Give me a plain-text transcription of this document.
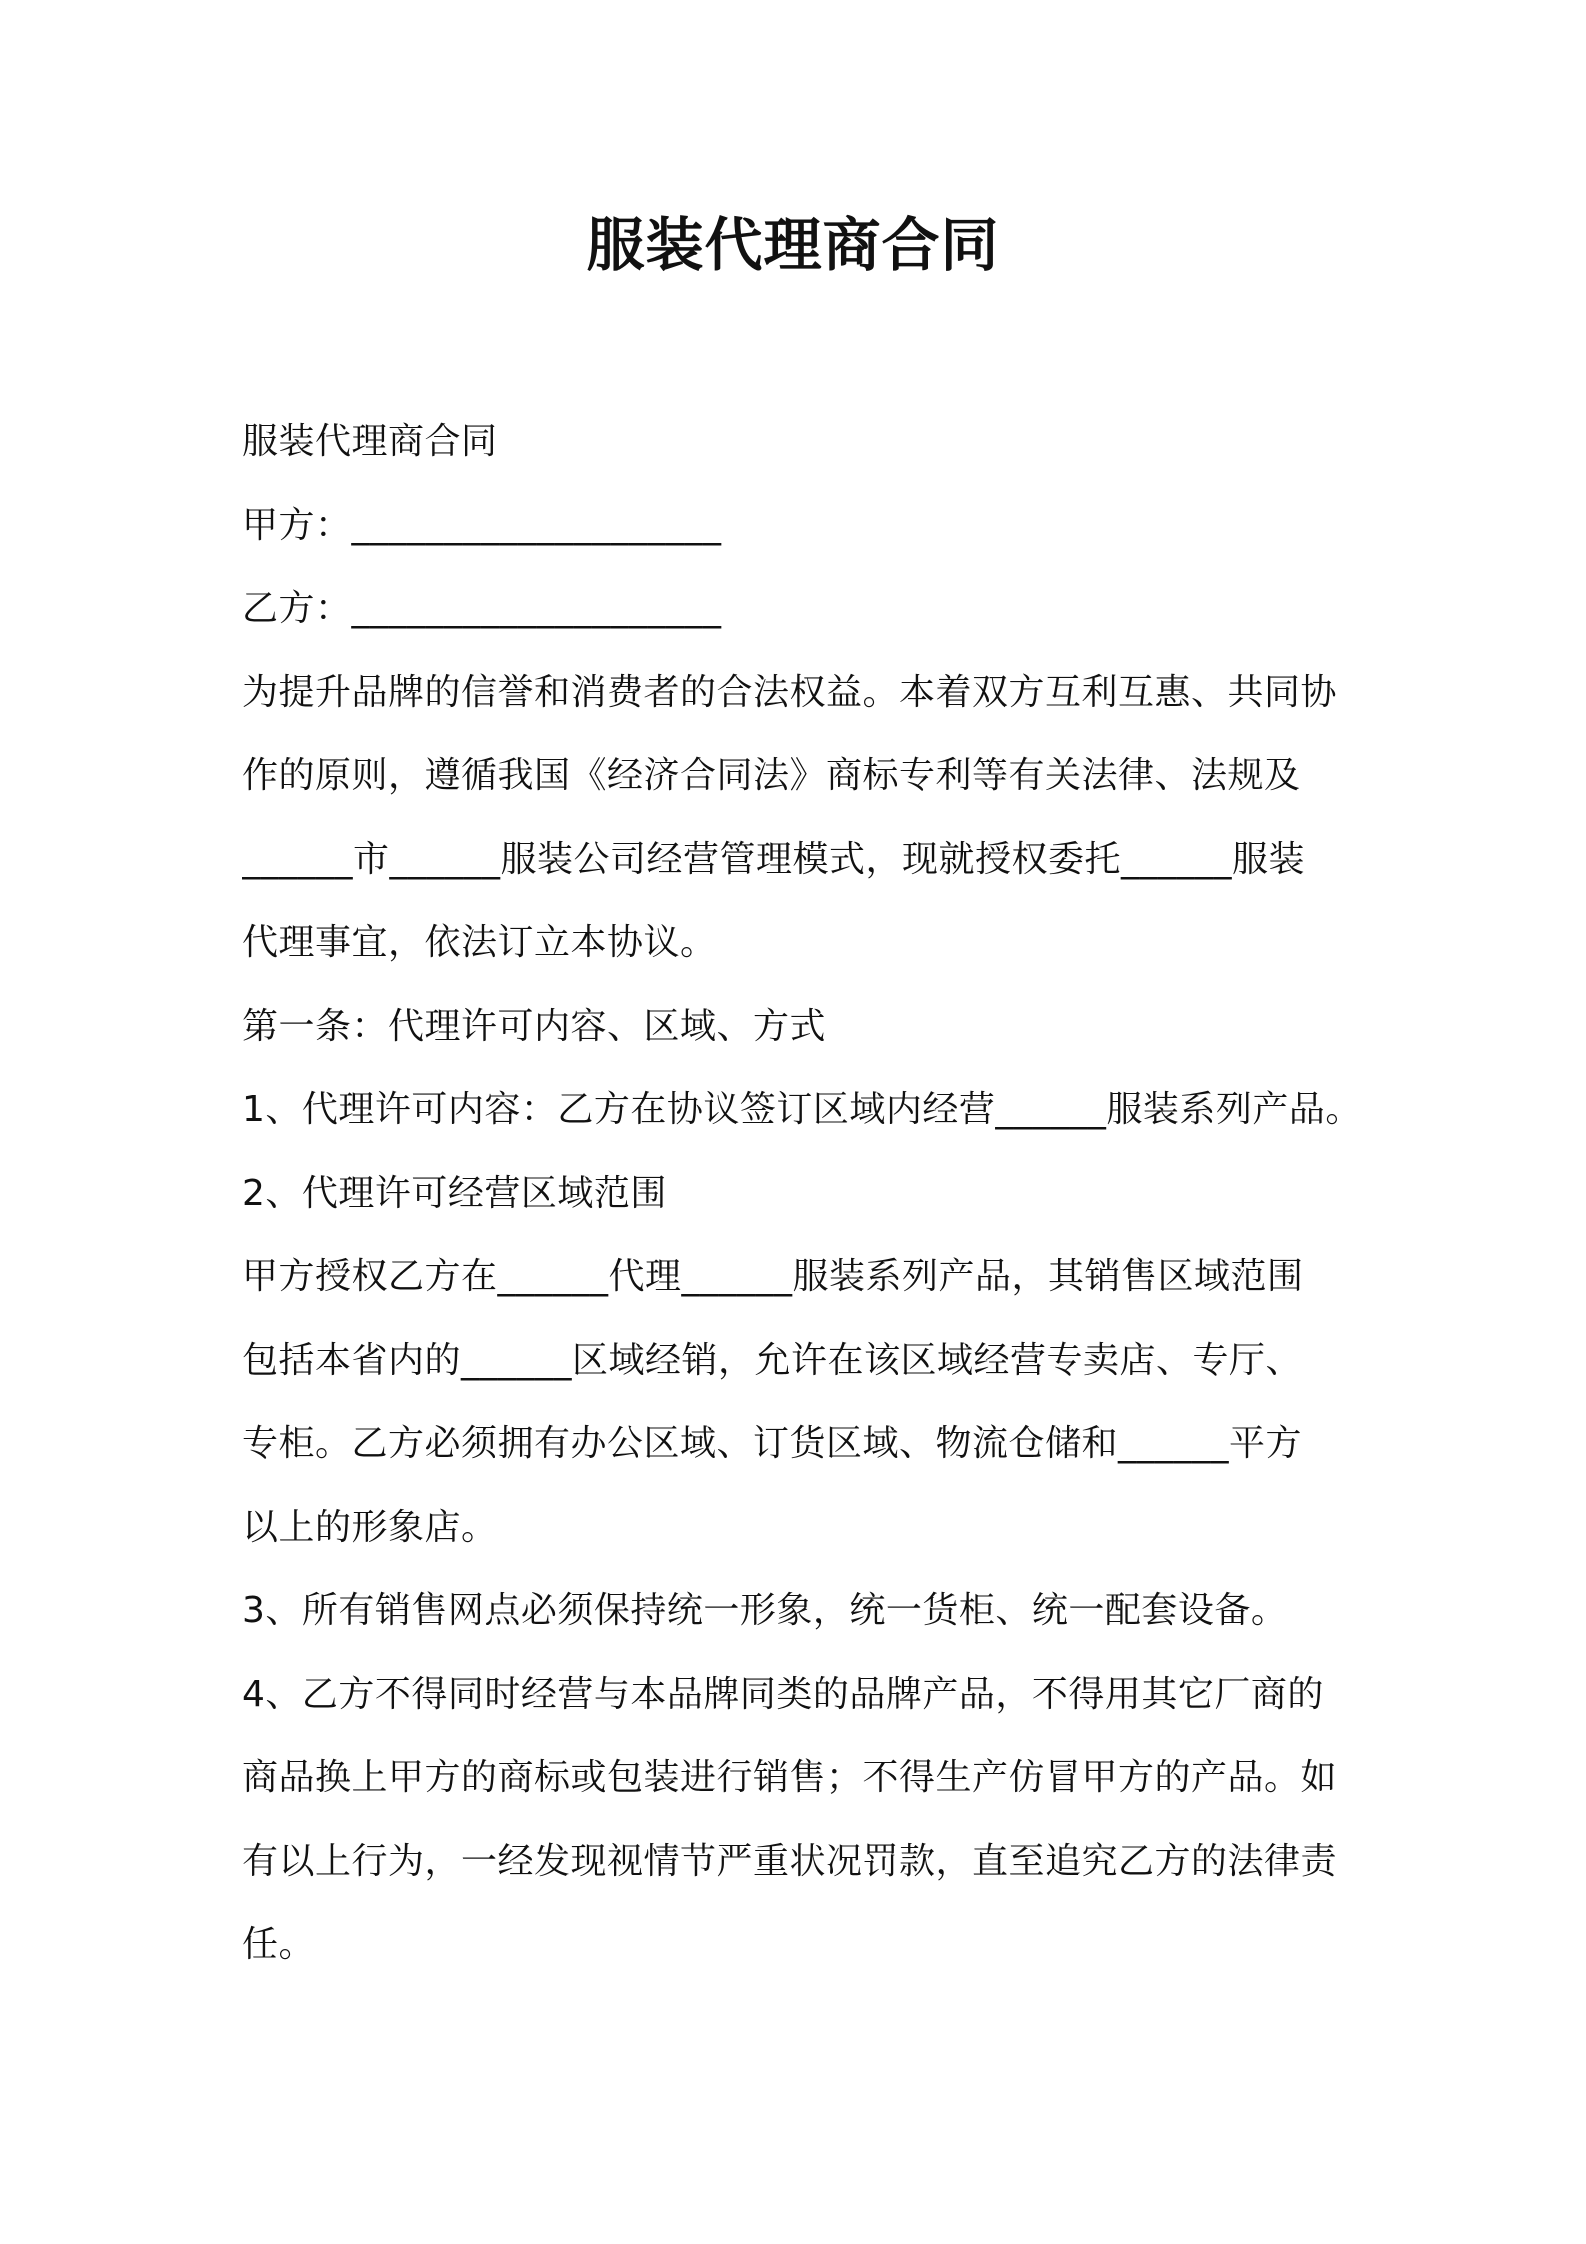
服装代理商合同
服装代理商合同
甲方：____________________
乙方：____________________
为提升品牌的信誉和消费者的合法权益。本着双方互利互惠、共同协
作的原则，遵循我国《经济合同法》商标专利等有关法律、法规及
______市______服装公司经营管理模式，现就授权委托______服装
代理事宜，依法订立本协议。
第一条：代理许可内容、区域、方式
1、代理许可内容：乙方在协议签订区域内经营______服装系列产品。
2、代理许可经营区域范围
甲方授权乙方在______代理______服装系列产品，其销售区域范围
包括本省内的______区域经销，允许在该区域经营专卖店、专厅、
专柜。乙方必须拥有办公区域、订货区域、物流仓储和______平方
以上的形象店。
3、所有销售网点必须保持统一形象，统一货柜、统一配套设备。
4、乙方不得同时经营与本品牌同类的品牌产品，不得用其它厂商的
商品换上甲方的商标或包装进行销售；不得生产仿冒甲方的产品。如
有以上行为，一经发现视情节严重状况罚款，直至追究乙方的法律责
任。
